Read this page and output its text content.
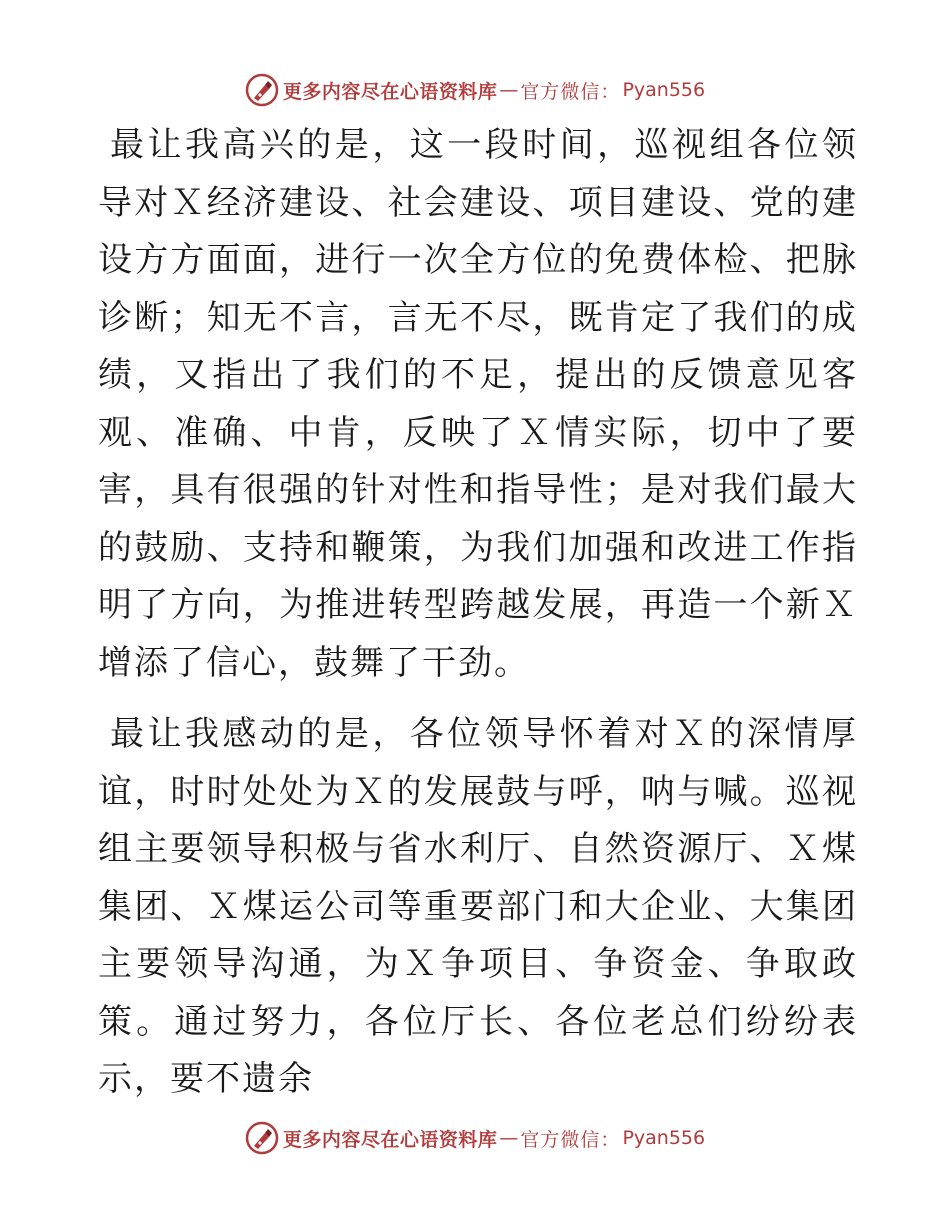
更多内容尽在心语资料库 — 官方微信： Pyan556

最让我高兴的是，这一段时间，巡视组各位领导对Ｘ经济建设、社会建设、项目建设、党的建设方方面面，进行一次全方位的免费体检、把脉诊断；知无不言，言无不尽，既肯定了我们的成绩，又指出了我们的不足，提出的反馈意见客观、准确、中肯，反映了Ｘ情实际，切中了要害，具有很强的针对性和指导性；是对我们最大的鼓励、支持和鞭策，为我们加强和改进工作指明了方向，为推进转型跨越发展，再造一个新Ｘ增添了信心，鼓舞了干劲。

最让我感动的是，各位领导怀着对Ｘ的深情厚谊，时时处处为Ｘ的发展鼓与呼，呐与喊。巡视组主要领导积极与省水利厅、自然资源厅、Ｘ煤集团、Ｘ煤运公司等重要部门和大企业、大集团主要领导沟通，为Ｘ争项目、争资金、争取政策。通过努力，各位厅长、各位老总们纷纷表示，要不遗余

更多内容尽在心语资料库 — 官方微信： Pyan556
